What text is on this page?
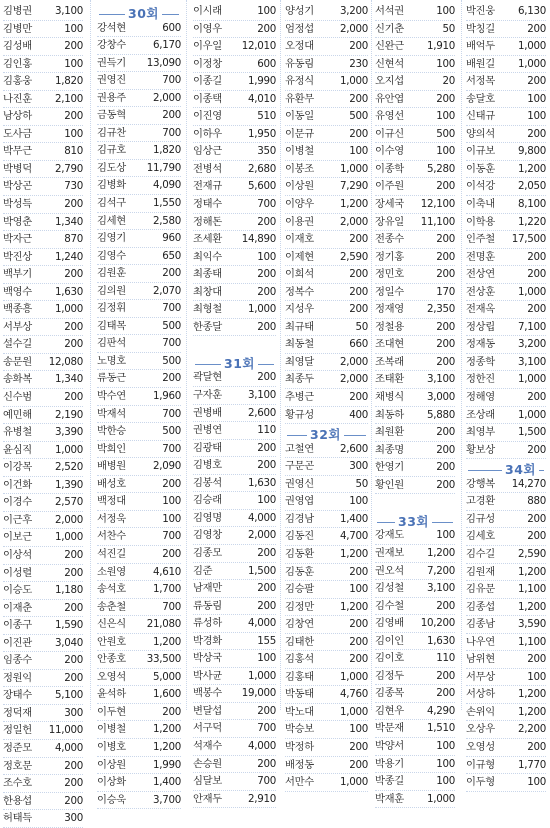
김병권 3,100
김병만	100
김성배	200
김인홍	100
김홍웅 1,820
나진훈 2,100
남상하	200
도사금	100
박무근	810
박병덕 2,790
박상곤	730
박성득	200
박영춘 1,340
박자근	870
박진상 1,240
백부기	200
백영수 1,630
백종흥 1,000
서부상	200
설수길	200
송문원 12,080
송화복 1,340
신수범	200
예민해 2,190
유병철 3,390
윤심직 1,000
이강목 2,520
이건화 1,390
이경수 2,570
이근후 2,000
이보근 1,000
이상석	200
이성렬	200
이승도 1,180
이재춘	200
이종구 1,590
이진관 3,040
임종수	200
정원익	200
장태수 5,100
정덕재	300
정일헌 11,000
정준모 4,000
정호문	200
조수호	200
한용섭	200
허태득	300
30회
강석현	600
강창수	6,170
권득기 13,090
권영진	700
권용주	2,000
금동혁	200
김규찬	700
김규호	1,820
김도상 11,790
김병화	4,090
김석구	1,550
김세현	2,580
김영기	960
김영수	650
김원훈	200
김의원	2,070
김정휘	700
김태목	500
김판석	700
노명호	500
류동근	200
박수연	1,960
박재석	700
박한승	500
박희인	700
배병원	2,090
배성호	200
백정대	100
서정욱	100
서찬수	700
석진길	200
소원영	4,610
송석호	1,700
송춘철	700
신은식 21,080
안원호	1,200
안종호 33,500
오영석	5,000
윤석하	1,600
이두현	200
이병철	1,200
이병호	1,200
이상원	1,990
이상화	1,400
이승욱	3,700
이시래	100
이영우	200
이우일 12,010
이정창	600
이종길	1,990
이종택	4,010
이진영	510
이하우	1,950
임상근	350
전병석	2,680
전재규	5,600
정태수	700
정해돈	200
조세환 14,890
최익수	100
최종태	200
최창대	200
최형철	1,000
한종달	200
31회
곽달현	200
구자훈	3,100
권병배	2,600
권병연	110
김광태	200
김병호	200
김봉석	1,630
김승래	100
김영명	4,000
김영창	2,000
김종모	200
김준	1,500
남재만	200
류동림	200
류성하	4,000
박경화	155
박상국	100
박사균	1,000
백봉수 19,000
변달섭	200
서구덕	700
석재수	4,000
손승원	200
심달보	700
안재두	2,910
양성기	3,200
엄정섭	2,000
오정대	200
유동림	230
유정식	1,000
유환무	200
이동일	500
이문규	200
이병철	100
이봉조	1,000
이상원	7,290
이양우	1,200
이용권	2,000
이재호	200
이제현	2,590
이희석	200
정복수	200
지성우	200
최규태	50
최동철	660
최영달	2,000
최종두	2,000
추병근	200
황규성	400
32회
고철연	2,600
구문곤	300
권영신	50
권영엽	100
김경남	1,400
김동진	4,700
김동환	1,200
김동훈	200
김승팔	100
김정만	1,200
김창연	200
김태한	200
김홍석	200
김홍태	1,000
박동태	4,760
박노대	1,000
박승보	100
박정하	200
배정동	200
서만수	1,000
서석권	100
신기춘	50
신완근 1,910
신현석	100
오지섭	20
유안엽	200
유영선	100
이규신	500
이수영	100
이종학 5,280
이주원	200
장세국 12,100
장유일 11,100
전종수	200
정기홍	200
정민호	200
정일수	170
정재영 2,350
정철용	200
조대현	200
조복래	200
조태환 3,100
채병식 3,000
최동하 5,880
최원환	200
최종명	200
한영기	200
황인원	200
33회
강재도	100
권재보 1,200
권오석 7,200
김성철 3,100
김수철	200
김영배 10,200
김이인 1,630
김이호	110
김정두	200
김종목	200
김현우 4,290
박문재 1,510
박양서	100
박용기	100
박종길	100
박재훈 1,000
박진웅 6,130
박칭길	200
배억두 1,000
배원길 1,000
서정목	200
송달호	100
신태규	100
양의석	200
이규보 9,800
이동훈 1,200
이석강 2,050
이축내 8,100
이학용 1,220
인주철 17,500
전명훈	200
전상연	200
전상훈 1,000
전재옥	200
정상립 7,100
정재동 3,200
정종학 3,100
정한진 1,000
정해영	200
조상래 1,000
최영부 1,500
황보상	200
34회
강행복 14,270
고경환	880
김규성	200
김세호	200
김수길 2,590
김원재 1,200
김유문 1,100
김종섭 1,200
김종남 3,590
나우연 1,100
남위현	200
서무상	100
서상하 1,200
손위익 1,200
오상우 2,200
오영성	200
이규형 1,770
이두형	100
